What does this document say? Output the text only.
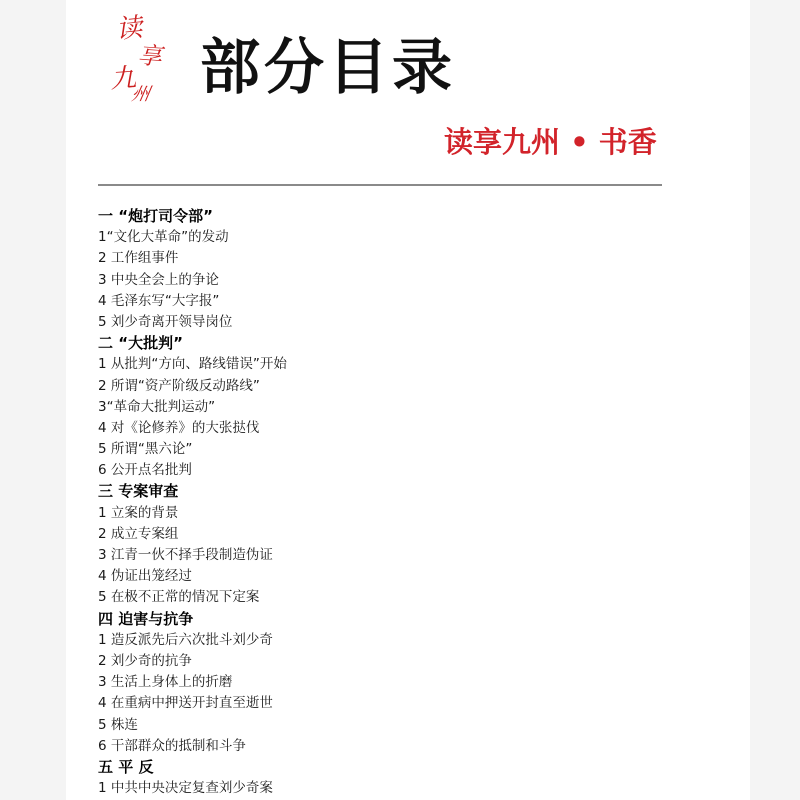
读
享
九
州 部分目录
读享九州 • 书香
一 “炮打司令部”
1“文化大革命”的发动
2 工作组事件
3 中央全会上的争论
4 毛泽东写“大字报”
5 刘少奇离开领导岗位
二 “大批判”
1 从批判“方向、路线错误”开始
2 所谓“资产阶级反动路线”
3“革命大批判运动”
4 对《论修养》的大张挞伐
5 所谓“黑六论”
6 公开点名批判
三 专案审查
1 立案的背景
2 成立专案组
3 江青一伙不择手段制造伪证
4 伪证出笼经过
5 在极不正常的情况下定案
四 迫害与抗争
1 造反派先后六次批斗刘少奇
2 刘少奇的抗争
3 生活上身体上的折磨
4 在重病中押送开封直至逝世
5 株连
6 干部群众的抵制和斗争
五 平 反
1 中共中央决定复查刘少奇案
